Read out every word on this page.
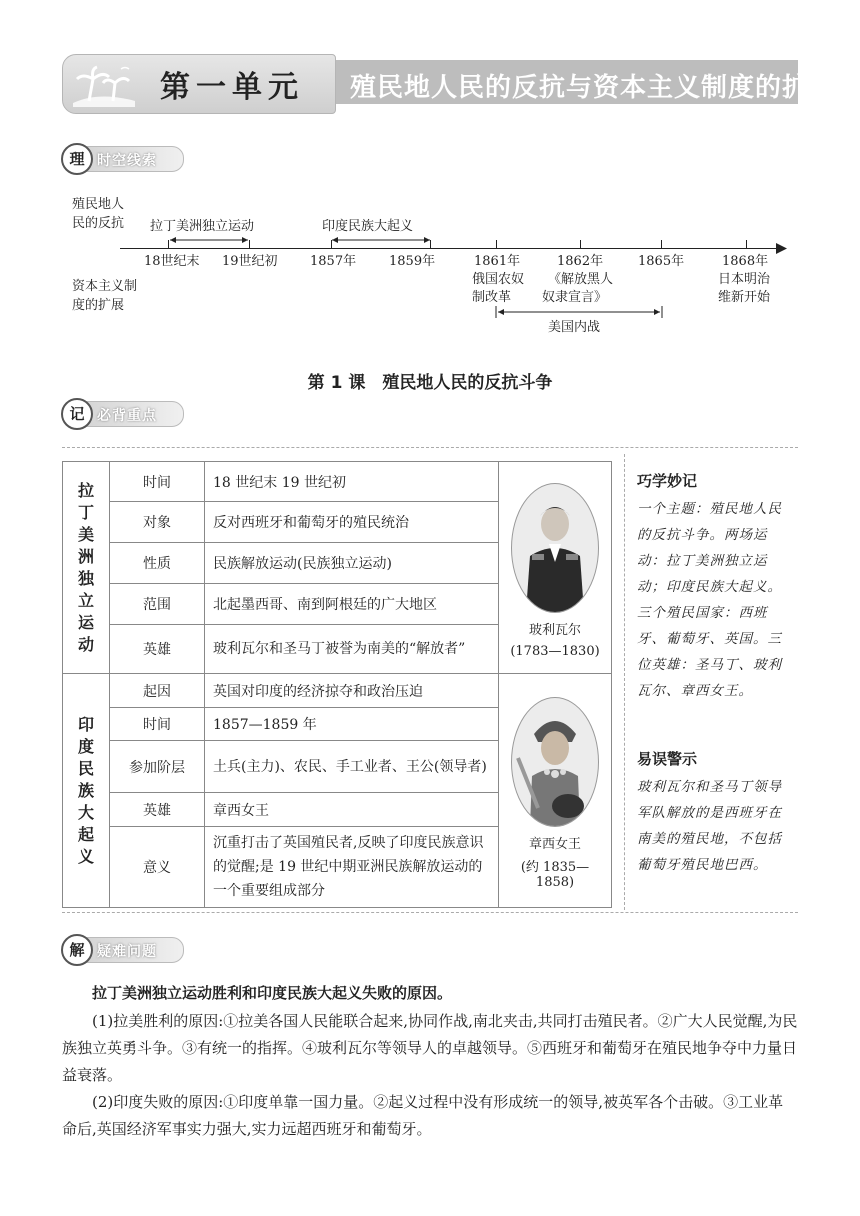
第一单元 殖民地人民的反抗与资本主义制度的扩展
理 时空线索
殖民地人
民的反抗
资本主义制
度的扩展
拉丁美洲独立运动	印度民族大起义
18世纪末 19世纪初 1857年	1859年	1861年	1862年	1865年	1868年
俄国农奴
制改革
《解放黑人
奴隶宣言》
日本明治
维新开始
美国内战
第 1 课　殖民地人民的反抗斗争
记 必背重点
拉丁美洲独立运动	时间	18 世纪末 19 世纪初	玻利瓦尔
(1783—1830)

	对象	反对西班牙和葡萄牙的殖民统治	
	性质	民族解放运动(民族独立运动)	
	范围	北起墨西哥、南到阿根廷的广大地区	
	英雄	玻利瓦尔和圣马丁被誉为南美的“解放者”	

印度民族大起义	起因	英国对印度的经济掠夺和政治压迫	章西女王
(约 1835—1858)

	时间	1857—1859 年	
	参加阶层	土兵(主力)、农民、手工业者、王公(领导者)	
	英雄	章西女王	
	意义	沉重打击了英国殖民者,反映了印度民族意识的觉醒;是 19 世纪中期亚洲民族解放运动的一个重要组成部分	
巧学妙记
一个主题：殖民地人民的反抗斗争。两场运动：拉丁美洲独立运动；印度民族大起义。三个殖民国家：西班牙、葡萄牙、英国。三位英雄：圣马丁、玻利瓦尔、章西女王。
易误警示
玻利瓦尔和圣马丁领导军队解放的是西班牙在南美的殖民地，不包括葡萄牙殖民地巴西。
解 疑难问题
拉丁美洲独立运动胜利和印度民族大起义失败的原因。
(1)拉美胜利的原因:①拉美各国人民能联合起来,协同作战,南北夹击,共同打击殖民者。②广大人民觉醒,为民族独立英勇斗争。③有统一的指挥。④玻利瓦尔等领导人的卓越领导。⑤西班牙和葡萄牙在殖民地争夺中力量日益衰落。
(2)印度失败的原因:①印度单靠一国力量。②起义过程中没有形成统一的领导,被英军各个击破。③工业革命后,英国经济军事实力强大,实力远超西班牙和葡萄牙。
